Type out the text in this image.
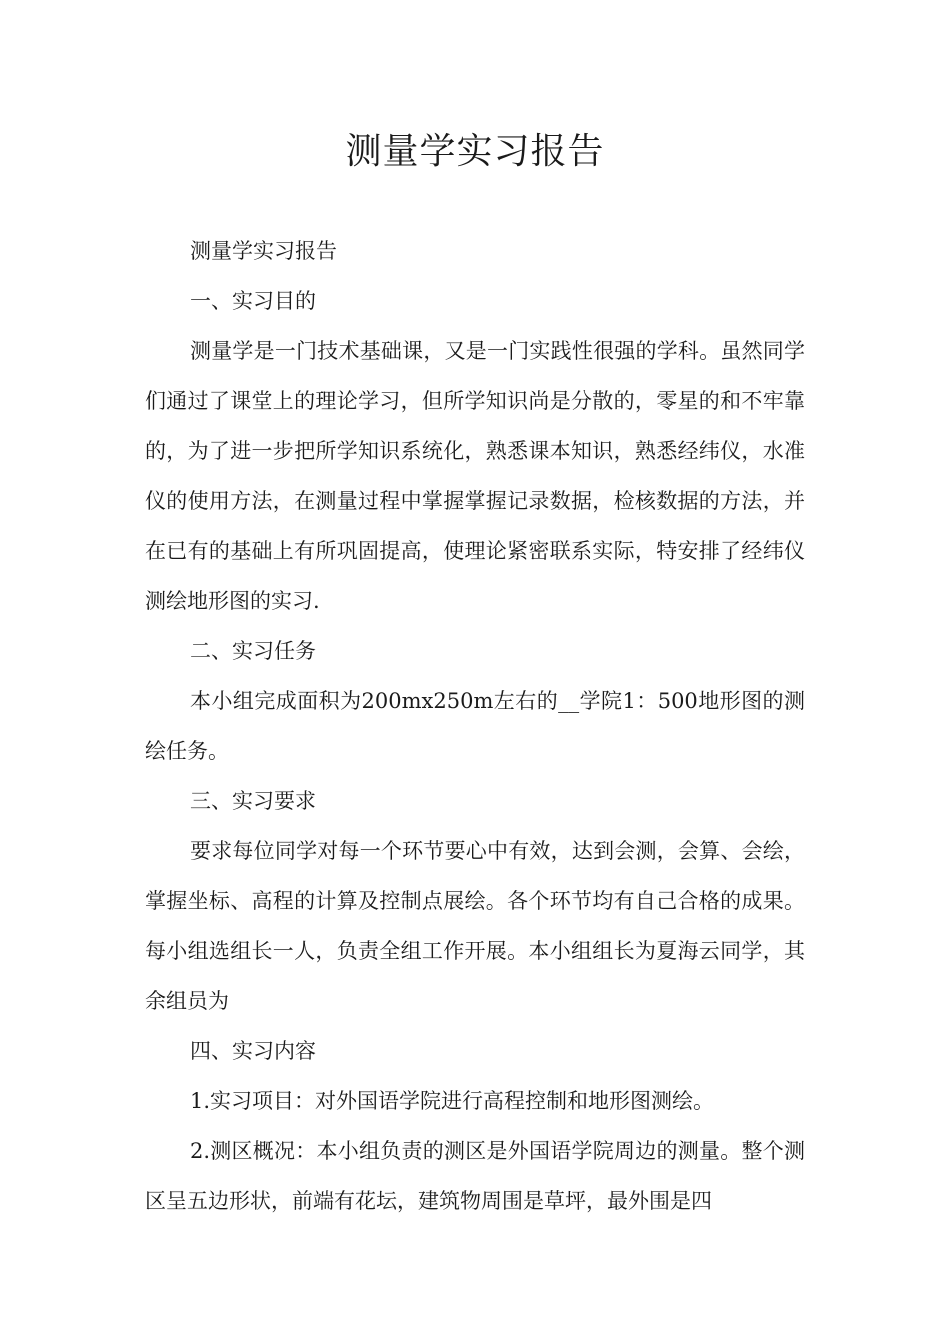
测量学实习报告

测量学实习报告

一、实习目的

测量学是一门技术基础课，又是一门实践性很强的学科。虽然同学们通过了课堂上的理论学习，但所学知识尚是分散的，零星的和不牢靠的，为了进一步把所学知识系统化，熟悉课本知识，熟悉经纬仪，水准仪的使用方法，在测量过程中掌握掌握记录数据，检核数据的方法，并在已有的基础上有所巩固提高，使理论紧密联系实际，特安排了经纬仪测绘地形图的实习.

二、实习任务

本小组完成面积为200mx250m左右的__学院1：500地形图的测绘任务。

三、实习要求

要求每位同学对每一个环节要心中有效，达到会测，会算、会绘，掌握坐标、高程的计算及控制点展绘。各个环节均有自己合格的成果。每小组选组长一人，负责全组工作开展。本小组组长为夏海云同学，其余组员为

四、实习内容

1.实习项目：对外国语学院进行高程控制和地形图测绘。

2.测区概况：本小组负责的测区是外国语学院周边的测量。整个测区呈五边形状，前端有花坛，建筑物周围是草坪，最外围是四
